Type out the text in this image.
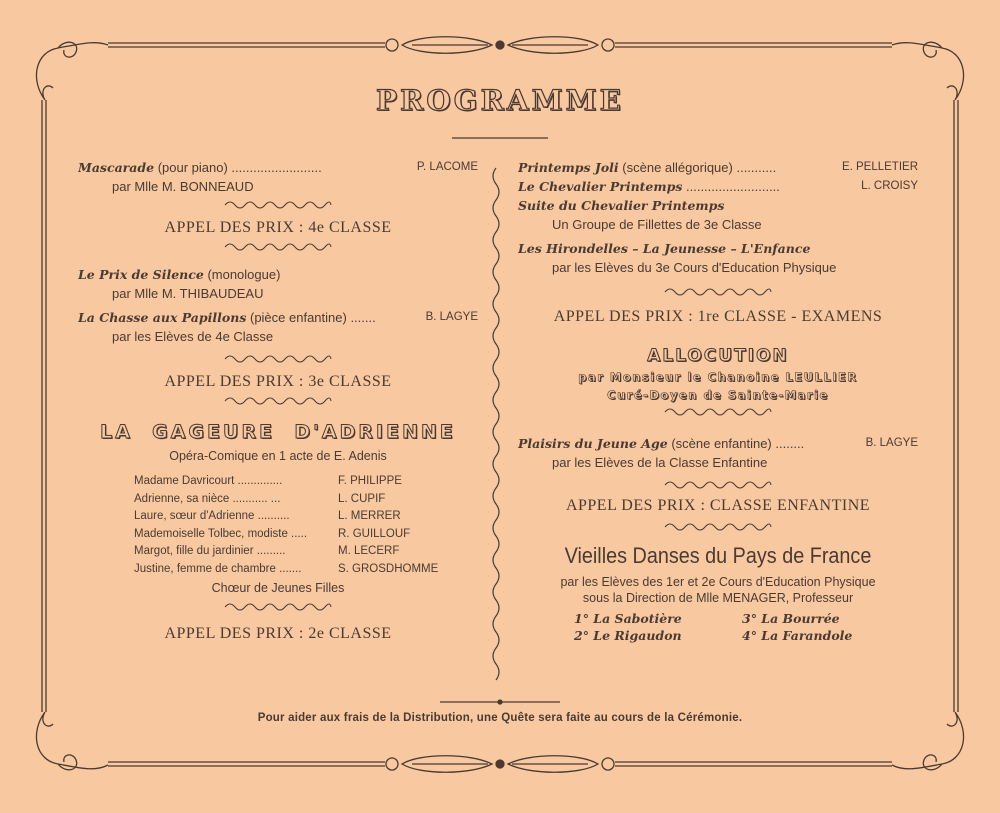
PROGRAMME
Mascarade (pour piano) .........................	P. LACOME
par Mlle M. BONNEAUD
APPEL DES PRIX : 4e CLASSE
Le Prix de Silence (monologue)
par Mlle M. THIBAUDEAU
La Chasse aux Papillons (pièce enfantine) .......	B. LAGYE
par les Elèves de 4e Classe
APPEL DES PRIX : 3e CLASSE
LA  GAGEURE  D'ADRIENNE
Opéra-Comique en 1 acte de E. Adenis
Madame Davricourt ..............	F. PHILIPPE
Adrienne, sa nièce ........... ...	L. CUPIF
Laure, sœur d'Adrienne ..........	L. MERRER
Mademoiselle Tolbec, modiste .....	R. GUILLOUF
Margot, fille du jardinier .........	M. LECERF
Justine, femme de chambre .......	S. GROSDHOMME
Chœur de Jeunes Filles
APPEL DES PRIX : 2e CLASSE
Printemps Joli (scène allégorique) ...........	E. PELLETIER
Le Chevalier Printemps ..........................	L. CROISY
Suite du Chevalier Printemps
Un Groupe de Fillettes de 3e Classe
Les Hirondelles – La Jeunesse – L'Enfance
par les Elèves du 3e Cours d'Education Physique
APPEL DES PRIX : 1re CLASSE - EXAMENS
ALLOCUTION
par Monsieur le Chanoine LEULLIER
Curé-Doyen de Sainte-Marie
Plaisirs du Jeune Age (scène enfantine) ........	B. LAGYE
par les Elèves de la Classe Enfantine
APPEL DES PRIX : CLASSE ENFANTINE
Vieilles Danses du Pays de France
par les Elèves des 1er et 2e Cours d'Education Physique
sous la Direction de Mlle MENAGER, Professeur
1° La Sabotière	3° La Bourrée
2° Le Rigaudon	4° La Farandole
Pour aider aux frais de la Distribution, une Quête sera faite au cours de la Cérémonie.
